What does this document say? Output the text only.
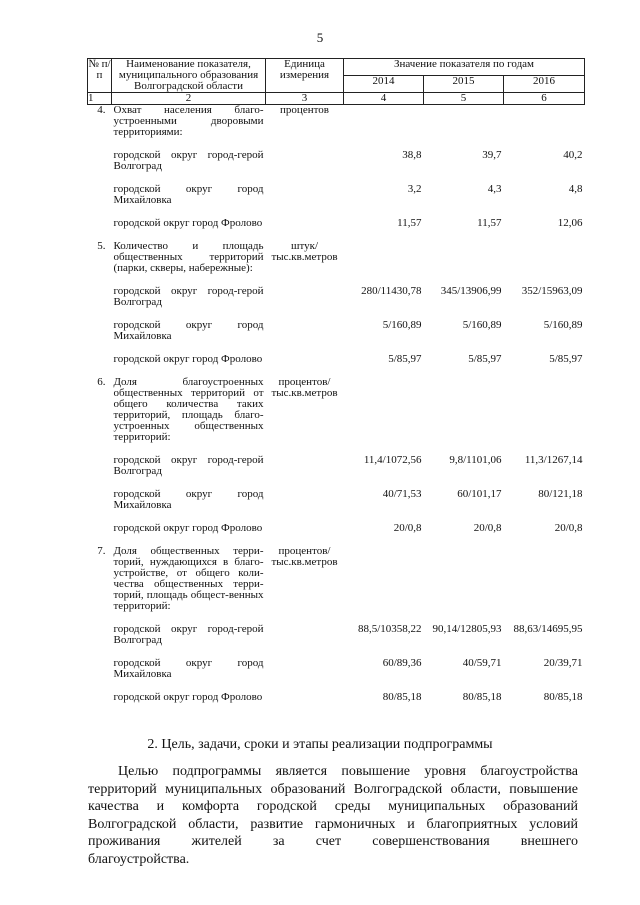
5
№ п/п	Наименование показателя, муниципального образования Волгоградской области	Единица измерения	Значение показателя по годам		
			2014	2015	2016
1	2	3	4	5	6
4.	Охват населения благо-устроенными дворовыми территориями:	процентов			

	городской округ город-герой Волгоград		38,8	39,7	40,2

	городской округ город Михайловка		3,2	4,3	4,8

	городской округ город Фролово		11,57	11,57	12,06

5.	Количество и площадь общественных территорий (парки, скверы, набережные):	штук/ тыс.кв.метров			

	городской округ город-герой Волгоград		280/11430,78	345/13906,99	352/15963,09

	городской округ город Михайловка		5/160,89	5/160,89	5/160,89

	городской округ город Фролово		5/85,97	5/85,97	5/85,97

6.	Доля благоустроенных общественных территорий от общего количества таких территорий, площадь благо-устроенных общественных территорий:	процентов/ тыс.кв.метров			

	городской округ город-герой Волгоград		11,4/1072,56	9,8/1101,06	11,3/1267,14

	городской округ город Михайловка		40/71,53	60/101,17	80/121,18

	городской округ город Фролово		20/0,8	20/0,8	20/0,8

7.	Доля общественных терри-торий, нуждающихся в благо-устройстве, от общего коли-чества общественных терри-торий, площадь общест-венных территорий:	процентов/ тыс.кв.метров			

	городской округ город-герой Волгоград		88,5/10358,22	90,14/12805,93	88,63/14695,95

	городской округ город Михайловка		60/89,36	40/59,71	20/39,71

	городской округ город Фролово		80/85,18	80/85,18	80/85,18

2. Цель, задачи, сроки и этапы реализации подпрограммы
Целью подпрограммы является повышение уровня благоустройства
территорий муниципальных образований Волгоградской области, повышение
качества и комфорта городской среды муниципальных образований
Волгоградской области, развитие гармоничных и благоприятных условий
проживания жителей за счет совершенствования внешнего
благоустройства.
